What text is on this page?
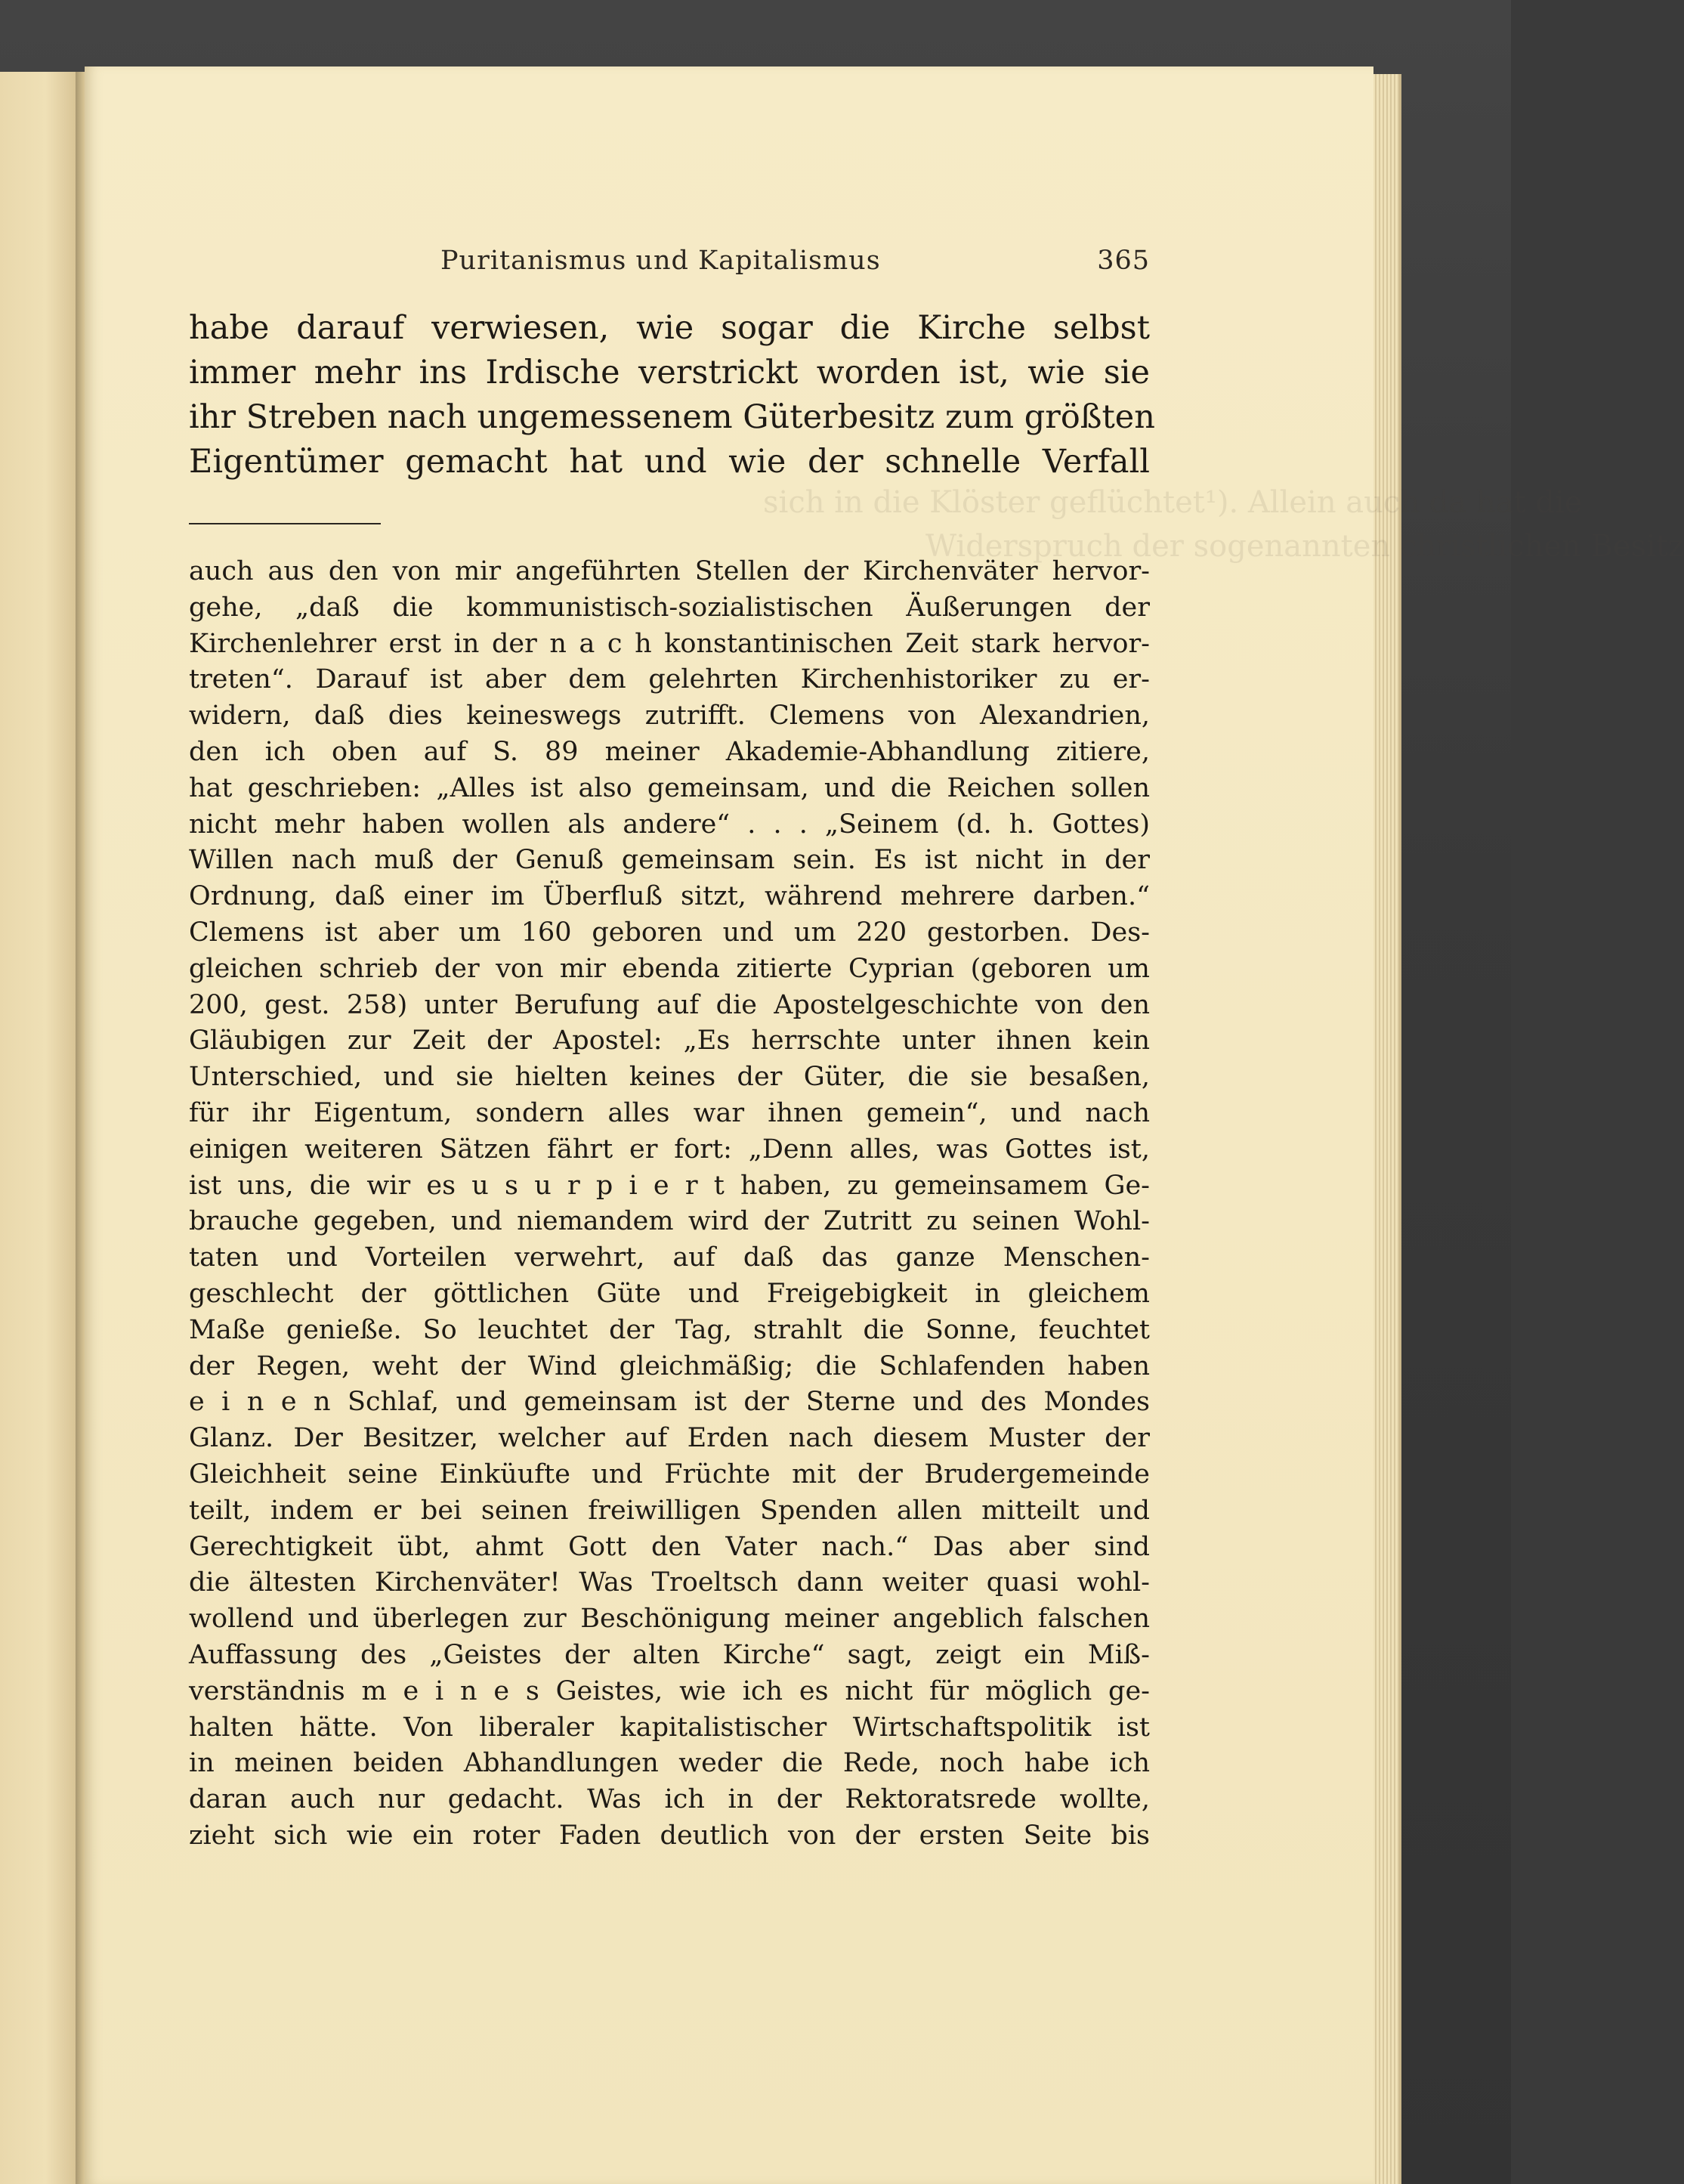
Puritanismus und Kapitalismus	365
sich in die Klöster geflüchtet¹). Allein auch da hat die
Widerspruch der sogenannten christlichen Besitz
habe darauf verwiesen, wie sogar die Kirche selbst
immer mehr ins Irdische verstrickt worden ist, wie sie
ihr Streben nach ungemessenem Güterbesitz zum größten
Eigentümer gemacht hat und wie der schnelle Verfall
auch aus den von mir angeführten Stellen der Kirchenväter hervor-
gehe, „daß die kommunistisch-sozialistischen Äußerungen der
Kirchenlehrer erst in der n a c h konstantinischen Zeit stark hervor-
treten“. Darauf ist aber dem gelehrten Kirchenhistoriker zu er-
widern, daß dies keineswegs zutrifft. Clemens von Alexandrien,
den ich oben auf S. 89 meiner Akademie-Abhandlung zitiere,
hat geschrieben: „Alles ist also gemeinsam, und die Reichen sollen
nicht mehr haben wollen als andere“ . . . „Seinem (d. h. Gottes)
Willen nach muß der Genuß gemeinsam sein. Es ist nicht in der
Ordnung, daß einer im Überfluß sitzt, während mehrere darben.“
Clemens ist aber um 160 geboren und um 220 gestorben. Des-
gleichen schrieb der von mir ebenda zitierte Cyprian (geboren um
200, gest. 258) unter Berufung auf die Apostelgeschichte von den
Gläubigen zur Zeit der Apostel: „Es herrschte unter ihnen kein
Unterschied, und sie hielten keines der Güter, die sie besaßen,
für ihr Eigentum, sondern alles war ihnen gemein“, und nach
einigen weiteren Sätzen fährt er fort: „Denn alles, was Gottes ist,
ist uns, die wir es u s u r p i e r t haben, zu gemeinsamem Ge-
brauche gegeben, und niemandem wird der Zutritt zu seinen Wohl-
taten und Vorteilen verwehrt, auf daß das ganze Menschen-
geschlecht der göttlichen Güte und Freigebigkeit in gleichem
Maße genieße. So leuchtet der Tag, strahlt die Sonne, feuchtet
der Regen, weht der Wind gleichmäßig; die Schlafenden haben
e i n e n Schlaf, und gemeinsam ist der Sterne und des Mondes
Glanz. Der Besitzer, welcher auf Erden nach diesem Muster der
Gleichheit seine Einküufte und Früchte mit der Brudergemeinde
teilt, indem er bei seinen freiwilligen Spenden allen mitteilt und
Gerechtigkeit übt, ahmt Gott den Vater nach.“ Das aber sind
die ältesten Kirchenväter! Was Troeltsch dann weiter quasi wohl-
wollend und überlegen zur Beschönigung meiner angeblich falschen
Auffassung des „Geistes der alten Kirche“ sagt, zeigt ein Miß-
verständnis m e i n e s Geistes, wie ich es nicht für möglich ge-
halten hätte. Von liberaler kapitalistischer Wirtschaftspolitik ist
in meinen beiden Abhandlungen weder die Rede, noch habe ich
daran auch nur gedacht. Was ich in der Rektoratsrede wollte,
zieht sich wie ein roter Faden deutlich von der ersten Seite bis
